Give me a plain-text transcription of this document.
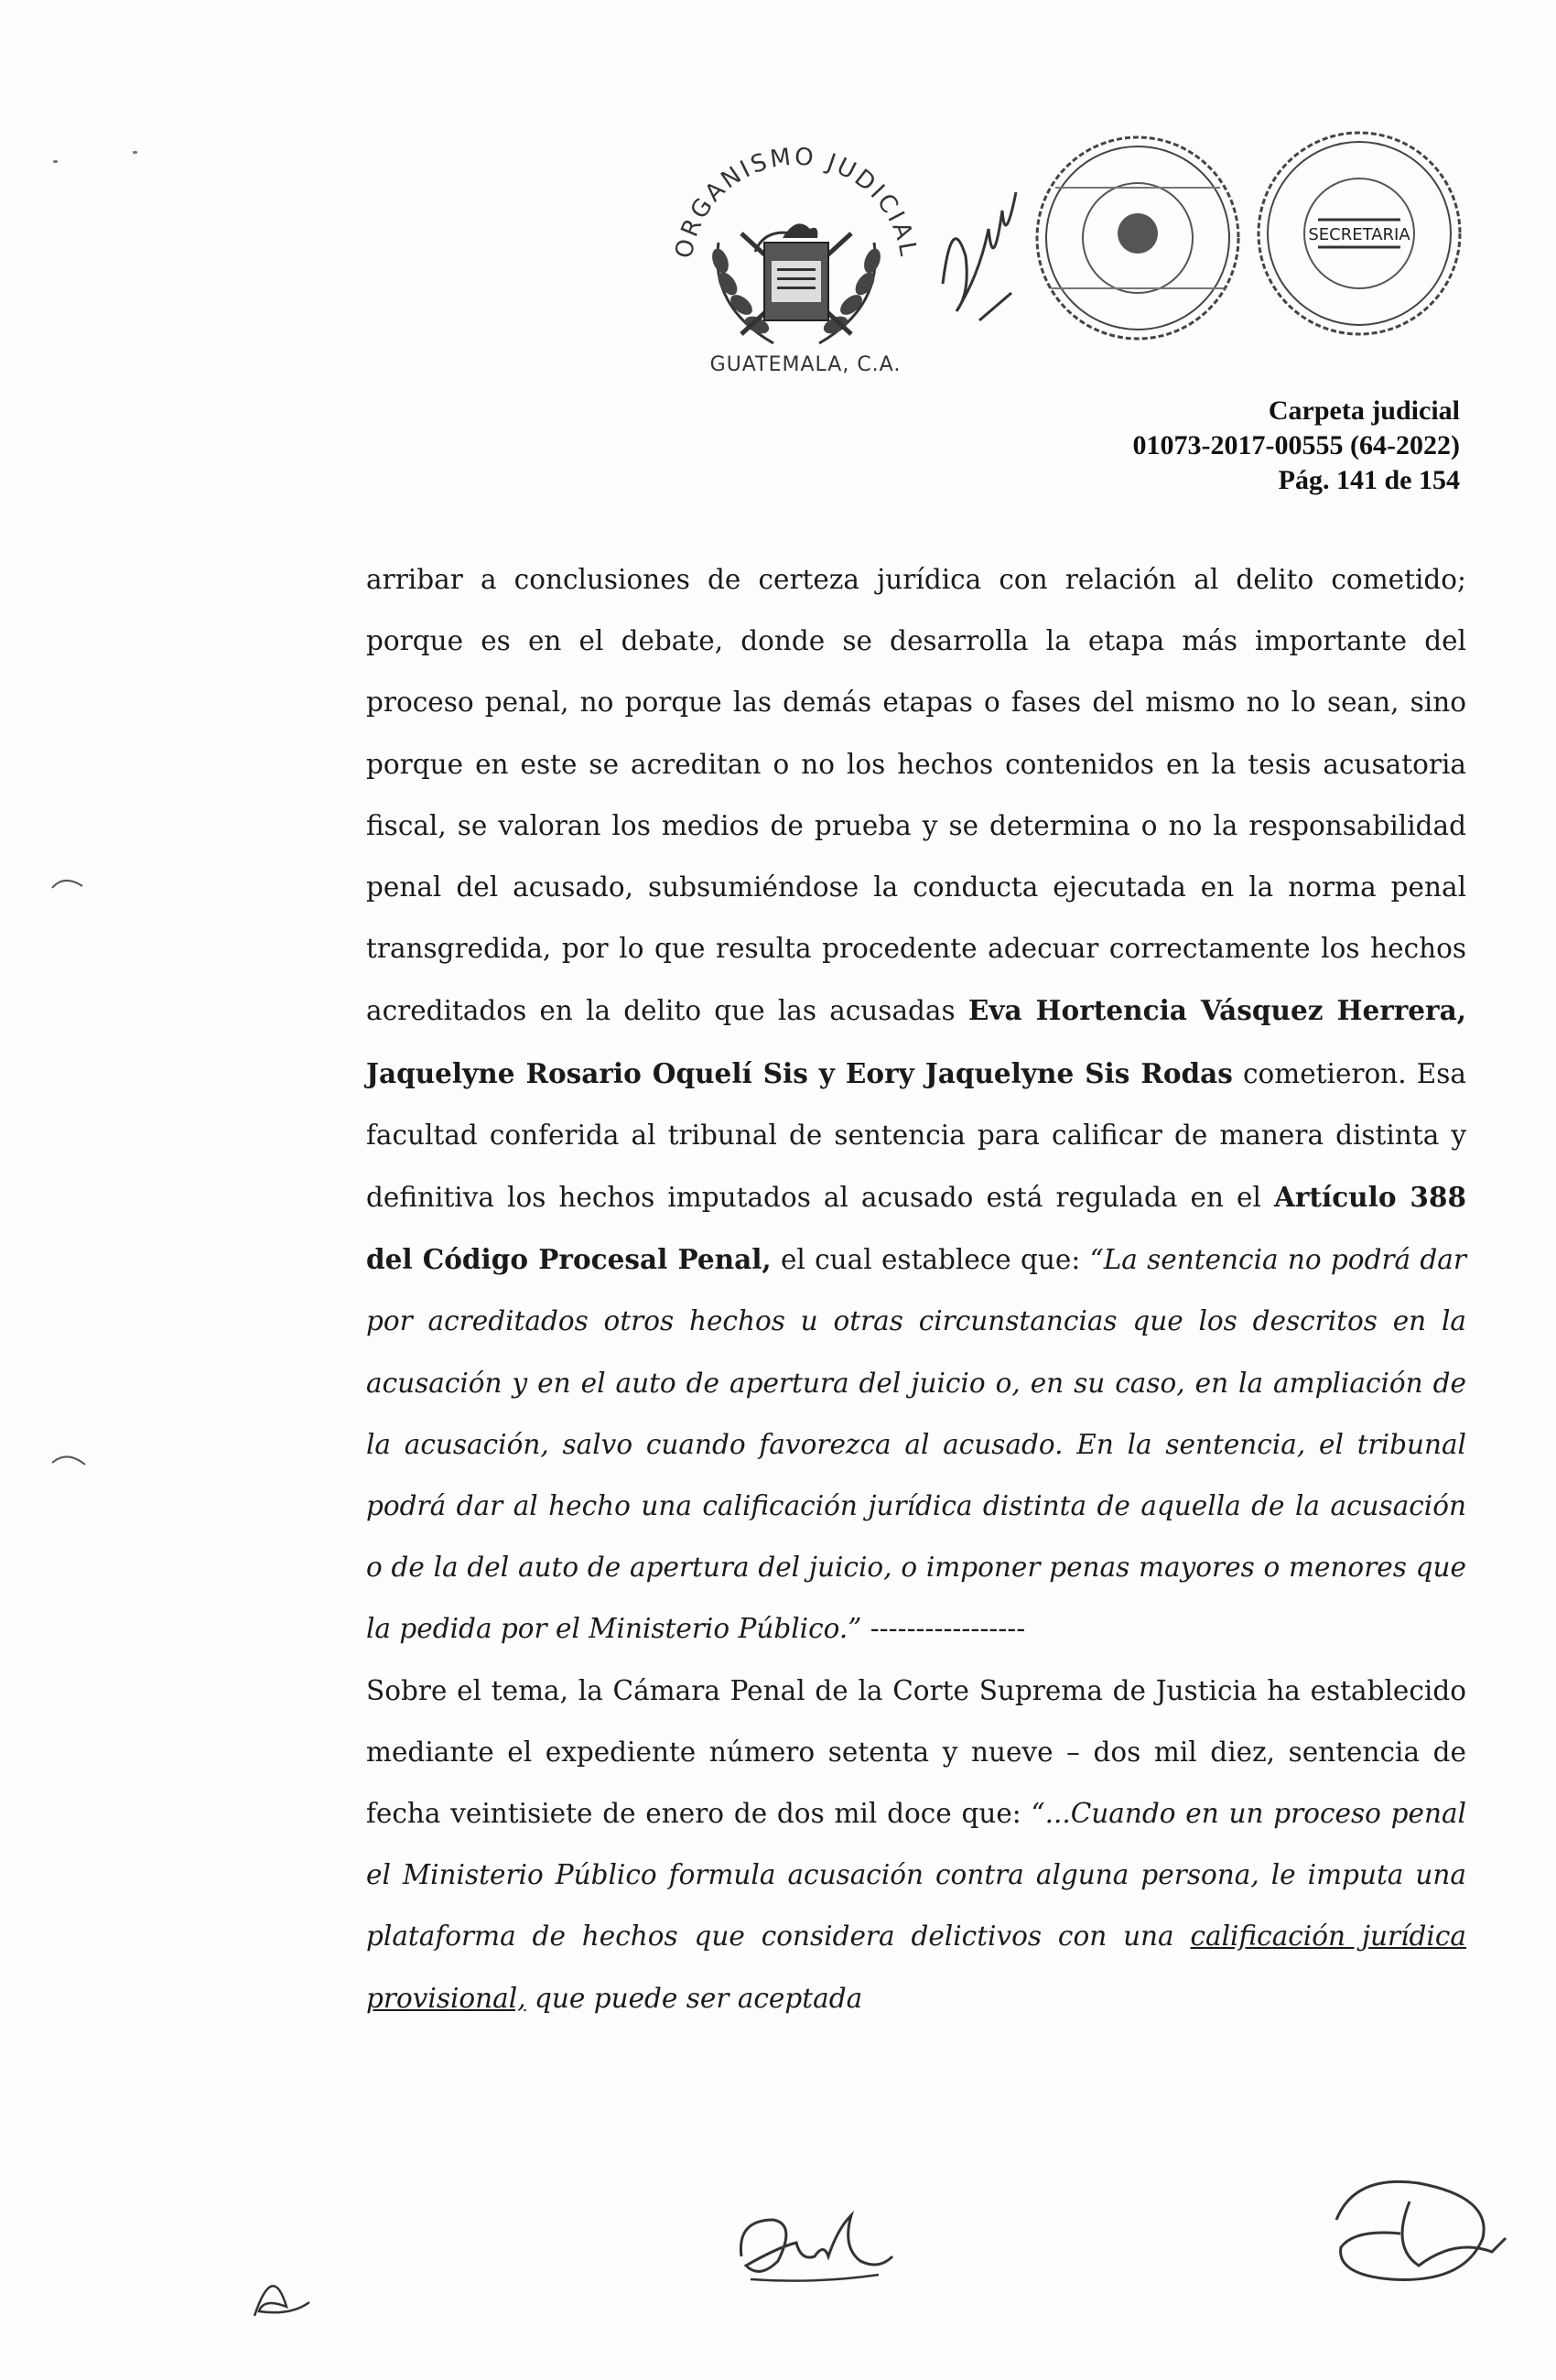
ORGANISMO JUDICIAL
GUATEMALA, C.A.
SECRETARIA
Carpeta judicial
01073-2017-00555 (64-2022)
Pág. 141 de 154

arribar a conclusiones de certeza jurídica con relación al delito cometido; porque es en el debate, donde se desarrolla la etapa más importante del proceso penal, no porque las demás etapas o fases del mismo no lo sean, sino porque en este se acreditan o no los hechos contenidos en la tesis acusatoria fiscal, se valoran los medios de prueba y se determina o no la responsabilidad penal del acusado, subsumiéndose la conducta ejecutada en la norma penal transgredida, por lo que resulta procedente adecuar correctamente los hechos acreditados en la delito que las acusadas Eva Hortencia Vásquez Herrera, Jaquelyne Rosario Oquelí Sis y Eory Jaquelyne Sis Rodas cometieron. Esa facultad conferida al tribunal de sentencia para calificar de manera distinta y definitiva los hechos imputados al acusado está regulada en el Artículo 388 del Código Procesal Penal, el cual establece que: “La sentencia no podrá dar por acreditados otros hechos u otras circunstancias que los descritos en la acusación y en el auto de apertura del juicio o, en su caso, en la ampliación de la acusación, salvo cuando favorezca al acusado. En la sentencia, el tribunal podrá dar al hecho una calificación jurídica distinta de aquella de la acusación o de la del auto de apertura del juicio, o imponer penas mayores o menores que la pedida por el Ministerio Público.” -----------------

Sobre el tema, la Cámara Penal de la Corte Suprema de Justicia ha establecido mediante el expediente número setenta y nueve – dos mil diez, sentencia de fecha veintisiete de enero de dos mil doce que: “...Cuando en un proceso penal el Ministerio Público formula acusación contra alguna persona, le imputa una plataforma de hechos que considera delictivos con una calificación jurídica provisional, que puede ser aceptada
